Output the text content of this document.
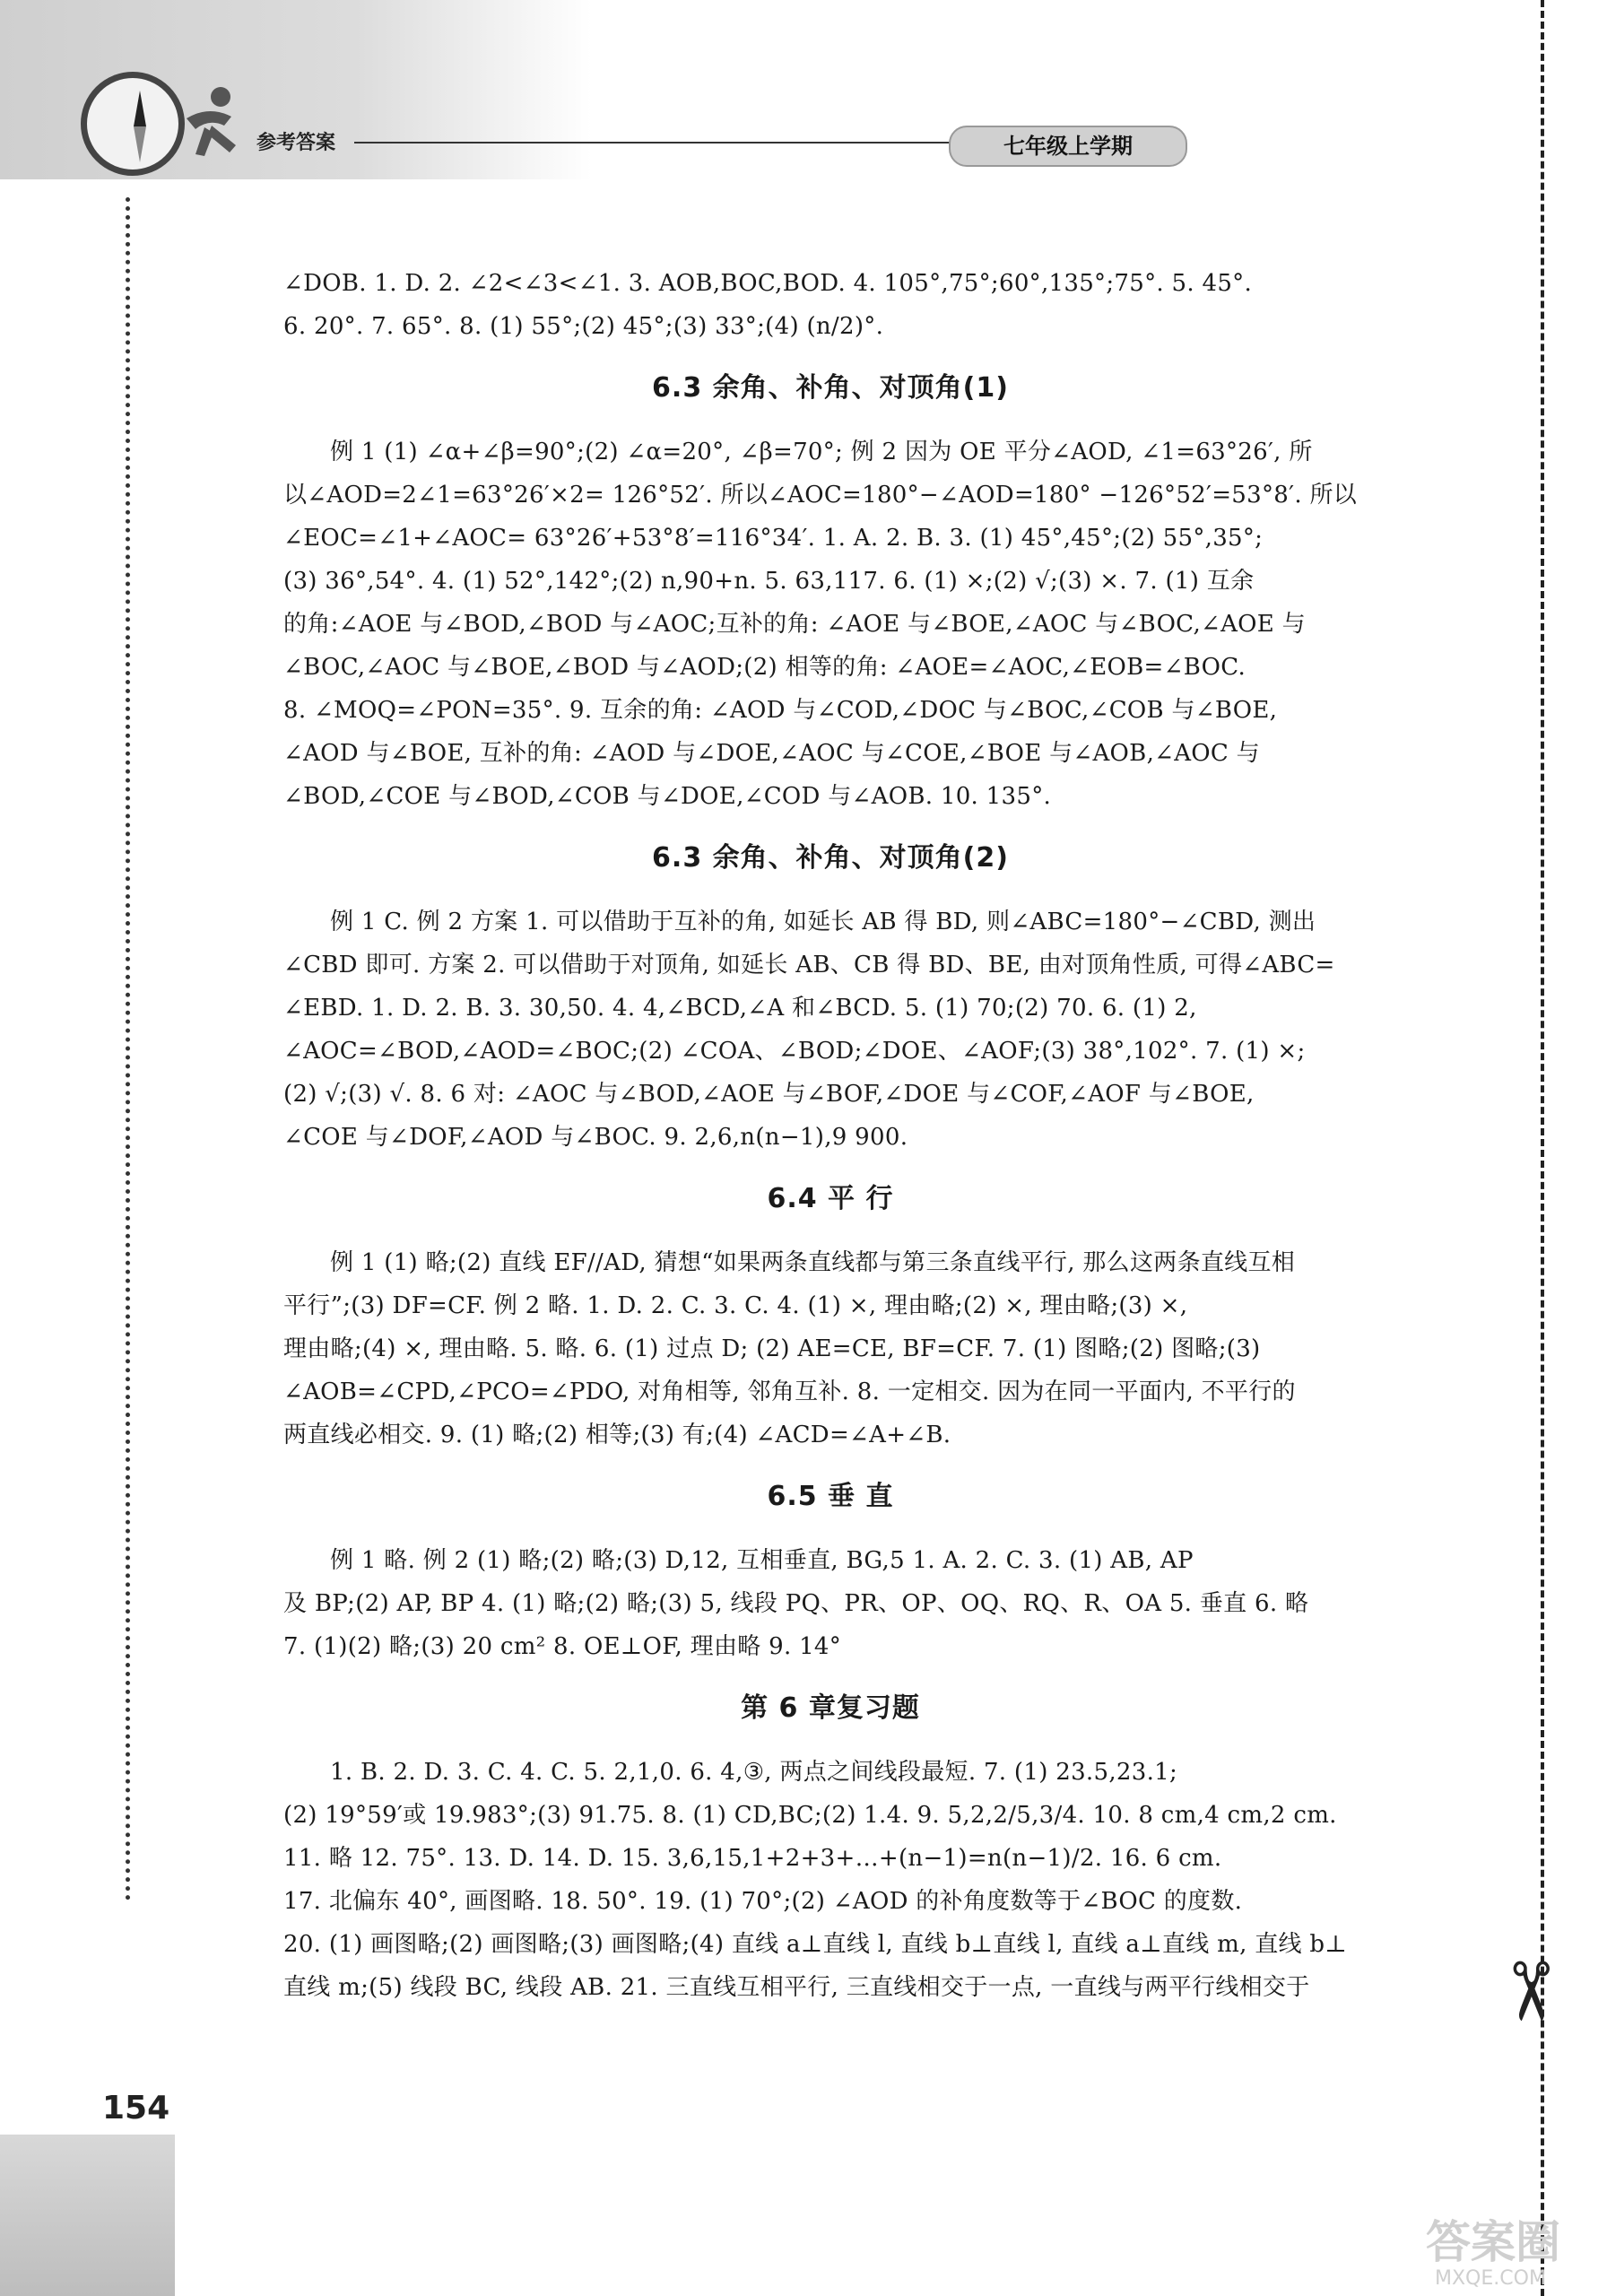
参考答案	七年级上学期
✂
154
答案圈
MXQE.COM
∠DOB. 1. D. 2. ∠2<∠3<∠1. 3. AOB,BOC,BOD. 4. 105°,75°;60°,135°;75°. 5. 45°.
6. 20°. 7. 65°. 8. (1) 55°;(2) 45°;(3) 33°;(4) (n/2)°.
6.3 余角、补角、对顶角(1)
例 1 (1) ∠α+∠β=90°;(2) ∠α=20°, ∠β=70°; 例 2 因为 OE 平分∠AOD, ∠1=63°26′, 所
以∠AOD=2∠1=63°26′×2= 126°52′. 所以∠AOC=180°−∠AOD=180° −126°52′=53°8′. 所以
∠EOC=∠1+∠AOC= 63°26′+53°8′=116°34′. 1. A. 2. B. 3. (1) 45°,45°;(2) 55°,35°;
(3) 36°,54°. 4. (1) 52°,142°;(2) n,90+n. 5. 63,117. 6. (1) ×;(2) √;(3) ×. 7. (1) 互余
的角:∠AOE 与∠BOD,∠BOD 与∠AOC;互补的角: ∠AOE 与∠BOE,∠AOC 与∠BOC,∠AOE 与
∠BOC,∠AOC 与∠BOE,∠BOD 与∠AOD;(2) 相等的角: ∠AOE=∠AOC,∠EOB=∠BOC.
8. ∠MOQ=∠PON=35°. 9. 互余的角: ∠AOD 与∠COD,∠DOC 与∠BOC,∠COB 与∠BOE,
∠AOD 与∠BOE, 互补的角: ∠AOD 与∠DOE,∠AOC 与∠COE,∠BOE 与∠AOB,∠AOC 与
∠BOD,∠COE 与∠BOD,∠COB 与∠DOE,∠COD 与∠AOB. 10. 135°.
6.3 余角、补角、对顶角(2)
例 1 C. 例 2 方案 1. 可以借助于互补的角, 如延长 AB 得 BD, 则∠ABC=180°−∠CBD, 测出
∠CBD 即可. 方案 2. 可以借助于对顶角, 如延长 AB、CB 得 BD、BE, 由对顶角性质, 可得∠ABC=
∠EBD. 1. D. 2. B. 3. 30,50. 4. 4,∠BCD,∠A 和∠BCD. 5. (1) 70;(2) 70. 6. (1) 2,
∠AOC=∠BOD,∠AOD=∠BOC;(2) ∠COA、∠BOD;∠DOE、∠AOF;(3) 38°,102°. 7. (1) ×;
(2) √;(3) √. 8. 6 对: ∠AOC 与∠BOD,∠AOE 与∠BOF,∠DOE 与∠COF,∠AOF 与∠BOE,
∠COE 与∠DOF,∠AOD 与∠BOC. 9. 2,6,n(n−1),9 900.
6.4 平 行
例 1 (1) 略;(2) 直线 EF//AD, 猜想“如果两条直线都与第三条直线平行, 那么这两条直线互相
平行”;(3) DF=CF. 例 2 略. 1. D. 2. C. 3. C. 4. (1) ×, 理由略;(2) ×, 理由略;(3) ×,
理由略;(4) ×, 理由略. 5. 略. 6. (1) 过点 D; (2) AE=CE, BF=CF. 7. (1) 图略;(2) 图略;(3)
∠AOB=∠CPD,∠PCO=∠PDO, 对角相等, 邻角互补. 8. 一定相交. 因为在同一平面内, 不平行的
两直线必相交. 9. (1) 略;(2) 相等;(3) 有;(4) ∠ACD=∠A+∠B.
6.5 垂 直
例 1 略. 例 2 (1) 略;(2) 略;(3) D,12, 互相垂直, BG,5 1. A. 2. C. 3. (1) AB, AP
及 BP;(2) AP, BP 4. (1) 略;(2) 略;(3) 5, 线段 PQ、PR、OP、OQ、RQ、R、OA 5. 垂直 6. 略
7. (1)(2) 略;(3) 20 cm² 8. OE⊥OF, 理由略 9. 14°
第 6 章复习题
1. B. 2. D. 3. C. 4. C. 5. 2,1,0. 6. 4,③, 两点之间线段最短. 7. (1) 23.5,23.1;
(2) 19°59′或 19.983°;(3) 91.75. 8. (1) CD,BC;(2) 1.4. 9. 5,2,2/5,3/4. 10. 8 cm,4 cm,2 cm.
11. 略 12. 75°. 13. D. 14. D. 15. 3,6,15,1+2+3+…+(n−1)=n(n−1)/2. 16. 6 cm.
17. 北偏东 40°, 画图略. 18. 50°. 19. (1) 70°;(2) ∠AOD 的补角度数等于∠BOC 的度数.
20. (1) 画图略;(2) 画图略;(3) 画图略;(4) 直线 a⊥直线 l, 直线 b⊥直线 l, 直线 a⊥直线 m, 直线 b⊥
直线 m;(5) 线段 BC, 线段 AB. 21. 三直线互相平行, 三直线相交于一点, 一直线与两平行线相交于
